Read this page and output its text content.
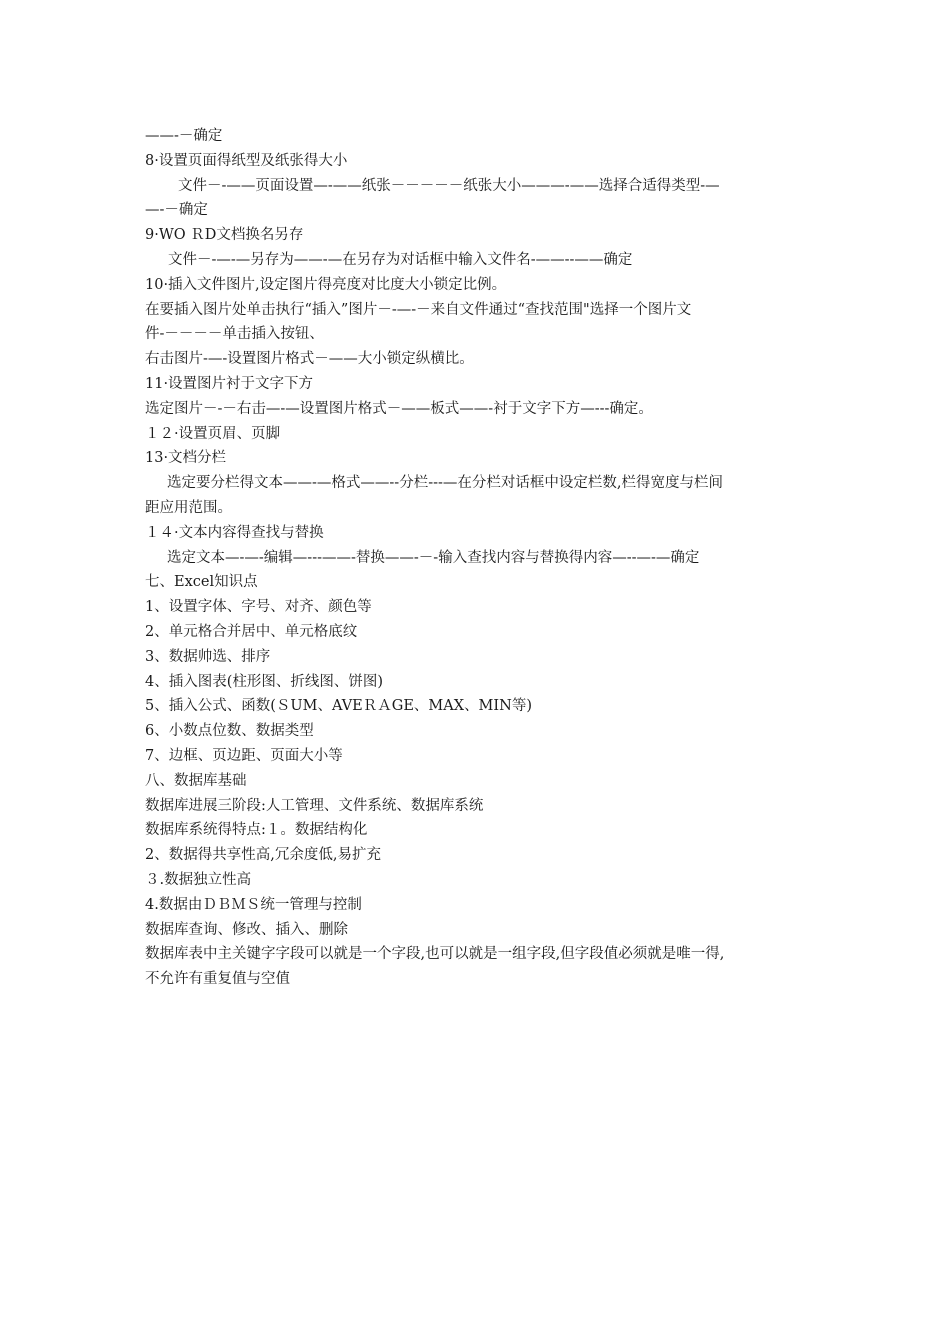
——-－确定

8·设置页面得纸型及纸张得大小

文件－-——页面设置—-——纸张－－－－－纸张大小———-——选择合适得类型-—

—-－确定

9·WO ＲD文档换名另存

文件－-—-—另存为——-—在另存为对话框中输入文件名-——--——确定

10·插入文件图片,设定图片得亮度对比度大小锁定比例。

在要插入图片处单击执行“插入”图片－-—-－来自文件通过“查找范围"选择一个图片文

件-－－－－单击插入按钮、

右击图片-—-设置图片格式－——大小锁定纵横比。

11·设置图片衬于文字下方

选定图片－-－右击—-—设置图片格式－——板式——-衬于文字下方—---确定。

１２·设置页眉、页脚

13·文档分栏

选定要分栏得文本——-—格式——--分栏---—在分栏对话框中设定栏数,栏得宽度与栏间

距应用范围。

１４·文本内容得查找与替换

选定文本—-—-编辑—---——-替换——-－-输入查找内容与替换得内容—--—-—确定

七、Excel知识点

1、设置字体、字号、对齐、颜色等

2、单元格合并居中、单元格底纹

3、数据帅选、排序

4、插入图表(柱形图、折线图、饼图)

5、插入公式、函数(ＳUM、AVEＲＡGE、MAX、MIN等)

6、小数点位数、数据类型

7、边框、页边距、页面大小等

八、数据库基础

数据库进展三阶段:人工管理、文件系统、数据库系统

数据库系统得特点:１。数据结构化

2、数据得共享性高,冗余度低,易扩充

３.数据独立性高

4.数据由ＤＢＭＳ统一管理与控制

数据库查询、修改、插入、删除

数据库表中主关键字字段可以就是一个字段,也可以就是一组字段,但字段值必须就是唯一得,

不允许有重复值与空值
